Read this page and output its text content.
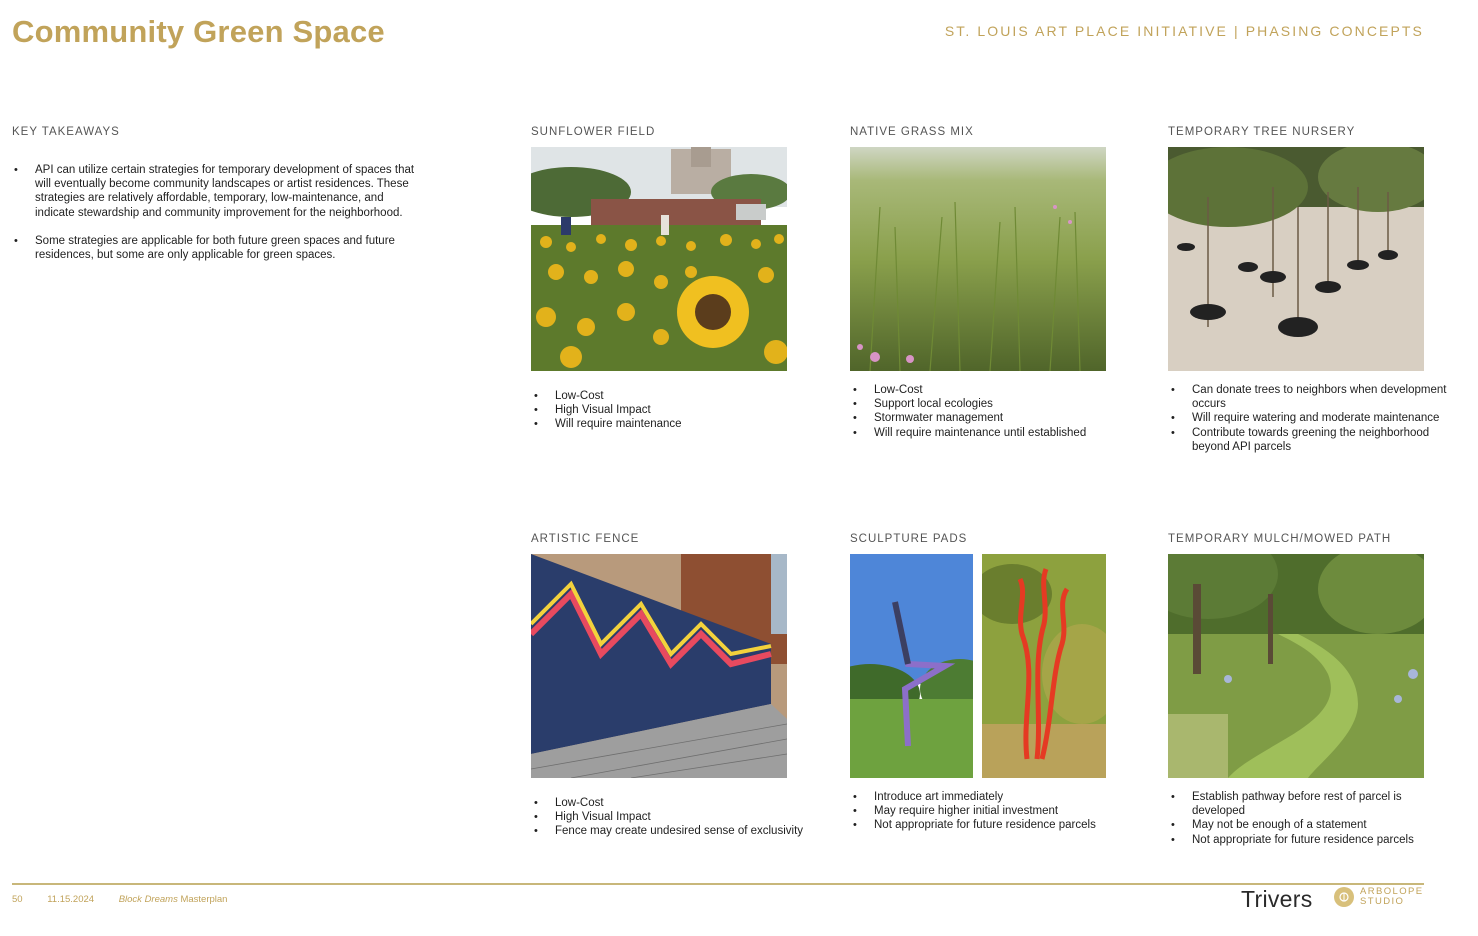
Community Green Space	ST. LOUIS ART PLACE INITIATIVE | PHASING CONCEPTS
KEY TAKEAWAYS
• API can utilize certain strategies for temporary development of spaces that will eventually become community landscapes or artist residences. These strategies are relatively affordable, temporary, low-maintenance, and indicate stewardship and community improvement for the neighborhood.
• Some strategies are applicable for both future green spaces and future residences, but some are only applicable for green spaces.
SUNFLOWER FIELD
• Low-Cost
• High Visual Impact
• Will require maintenance
NATIVE GRASS MIX
• Low-Cost
• Support local ecologies
• Stormwater management
• Will require maintenance until established
TEMPORARY TREE NURSERY
• Can donate trees to neighbors when development occurs
• Will require watering and moderate maintenance
• Contribute towards greening the neighborhood beyond API parcels
ARTISTIC FENCE
• Low-Cost
• High Visual Impact
• Fence may create undesired sense of exclusivity
SCULPTURE PADS
• Introduce art immediately
• May require higher initial investment
• Not appropriate for future residence parcels
TEMPORARY MULCH/MOWED PATH
• Establish pathway before rest of parcel is developed
• May not be enough of a statement
• Not appropriate for future residence parcels
50	11.15.2024	Block Dreams Masterplan	Trivers	ARBOLOPE
STUDIO
